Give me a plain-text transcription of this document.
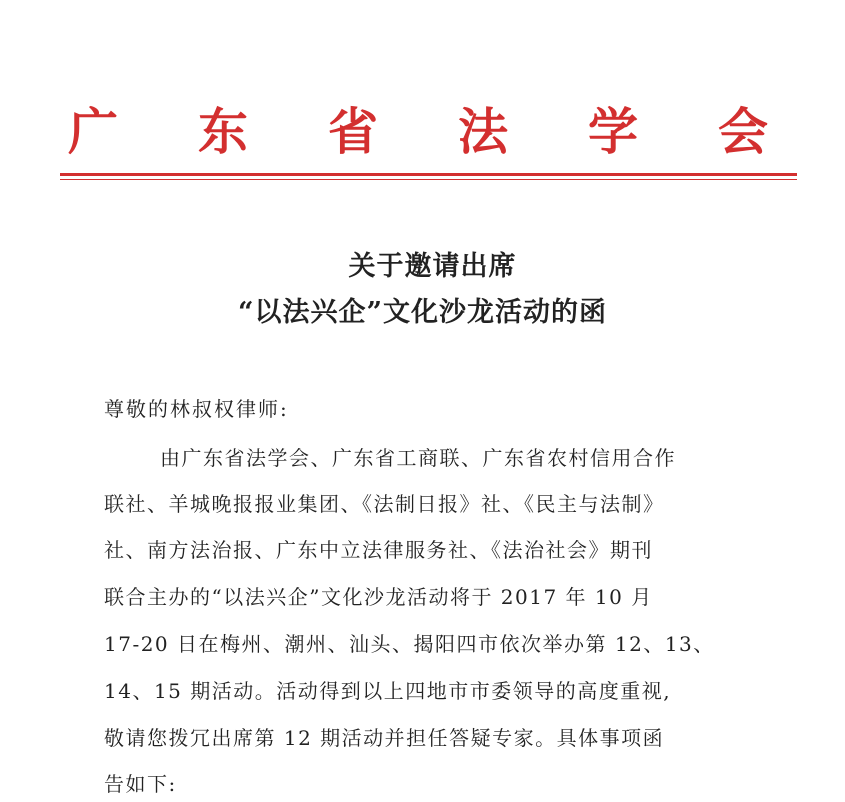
广 东 省 法 学 会
关于邀请出席
“以法兴企”文化沙龙活动的函
尊敬的林叔权律师:
由广东省法学会、广东省工商联、广东省农村信用合作
联社、羊城晚报报业集团、《法制日报》社、《民主与法制》
社、南方法治报、广东中立法律服务社、《法治社会》期刊
联合主办的“以法兴企”文化沙龙活动将于 2017 年 10 月
17-20 日在梅州、潮州、汕头、揭阳四市依次举办第 12、13、
14、15 期活动。活动得到以上四地市市委领导的高度重视,
敬请您拨冗出席第 12 期活动并担任答疑专家。具体事项函
告如下:
